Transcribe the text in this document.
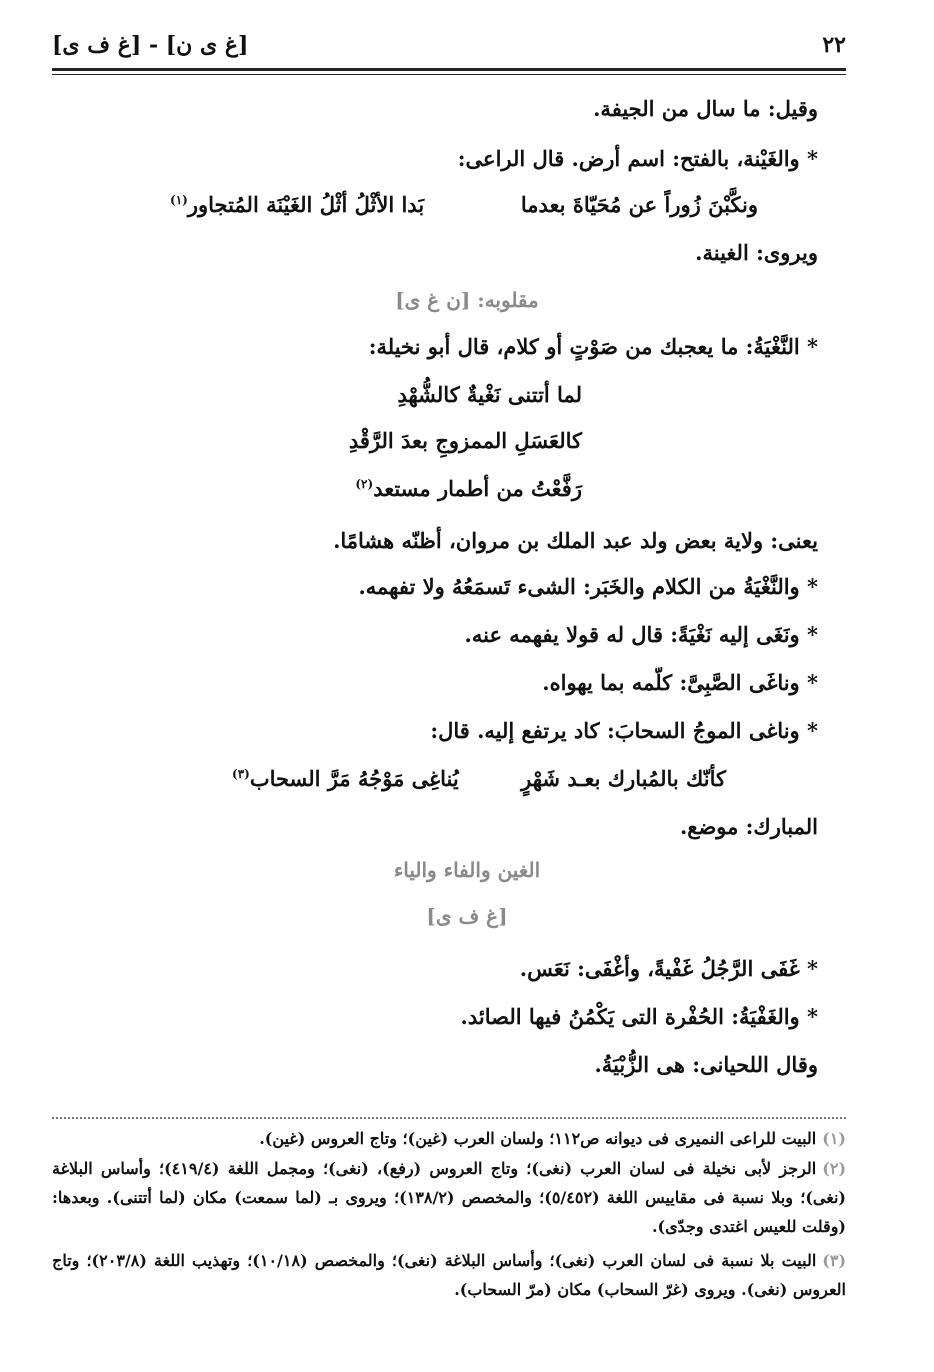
٢٢
[غ ى ن] - [غ ف ى]
وقيل: ما سال من الجيفة.
* والغَيْنة، بالفتح: اسم أرض. قال الراعى:
ونكَّبْنَ زُوراً عن مُحَيّاةَ بعدما
بَدا الأثْلُ أثْلُ الغَيْنَة المُتجاور$^{(١)}$
ويروى: الغينة.
مقلوبه: [ن غ ى]
* النَّغْيَةُ: ما يعجبك من صَوْتٍ أو كلام، قال أبو نخيلة:
لما أتتنى نَغْيةٌ كالشُّهْدِ
كالعَسَلِ الممزوجِ بعدَ الرَّقْدِ
رَفَّعْتُ من أطمار مستعد$^{(٢)}$
يعنى: ولاية بعض ولد عبد الملك بن مروان، أظنّه هشامًا.
* والنَّغْيَةُ من الكلام والخَبَر: الشىء تَسمَعُهُ ولا تفهمه.
* ونَغَى إليه نَغْيَةً: قال له قولا يفهمه عنه.
* وناغَى الصَّبِىَّ: كلّمه بما يهواه.
* وناغى الموجُ السحابَ: كاد يرتفع إليه. قال:
كأنّك بالمُبارك بعـد شَهْرٍ
يُناغِى مَوْجُهُ مَرَّ السحاب$^{(٣)}$
المبارك: موضع.
الغين والفاء والياء
[غ ف ى]
* غَفَى الرَّجُلُ غَفْيةً، وأغْفَى: نَعَس.
* والغَفْيَةُ: الحُفْرة التى يَكْمُنُ فيها الصائد.
وقال اللحيانى: هى الزُّبْيَةُ.
(١)البيت للراعى النميرى فى ديوانه ص١١٢؛ ولسان العرب (غين)؛ وتاج العروس (غين).
(٢)الرجز لأبى نخيلة فى لسان العرب (نغى)؛ وتاج العروس (رفع)، (نغى)؛ ومجمل اللغة (٤١٩/٤)؛ وأساس البلاغة (نغى)؛ وبلا نسبة فى مقاييس اللغة (٥/٤٥٢)؛ والمخصص (١٣٨/٢)؛ ويروى بـ (لما سمعت) مكان (لما أتتنى). وبعدها: (وقلت للعيس اغتدى وجدّى).
(٣)البيت بلا نسبة فى لسان العرب (نغى)؛ وأساس البلاغة (نغى)؛ والمخصص (١٠/١٨)؛ وتهذيب اللغة (٢٠٣/٨)؛ وتاج العروس (نغى). ويروى (غرّ السحاب) مكان (مرّ السحاب).
